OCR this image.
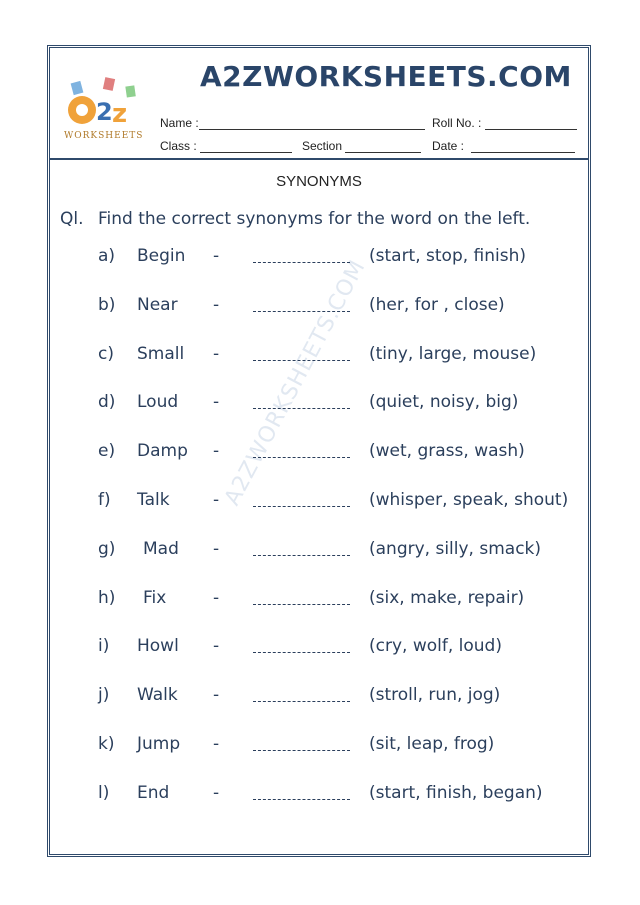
2 z
WORKSHEETS
A2ZWORKSHEETS.COM
Name :	Roll No. :
Class :	Section	Date :
SYNONYMS
Ql. Find the correct synonyms for the word on the left.
A2ZWORKSHEETS.COM
a) Begin -	(start, stop, finish)
b) Near -	(her, for , close)
c) Small -	(tiny, large, mouse)
d) Loud -	(quiet, noisy, big)
e) Damp -	(wet, grass, wash)
f) Talk	-	(whisper, speak, shout)
g) Mad -	(angry, silly, smack)
h) Fix	-	(six, make, repair)
i) Howl -	(cry, wolf, loud)
j) Walk -	(stroll, run, jog)
k) Jump -	(sit, leap, frog)
l) End	-	(start, finish, began)
